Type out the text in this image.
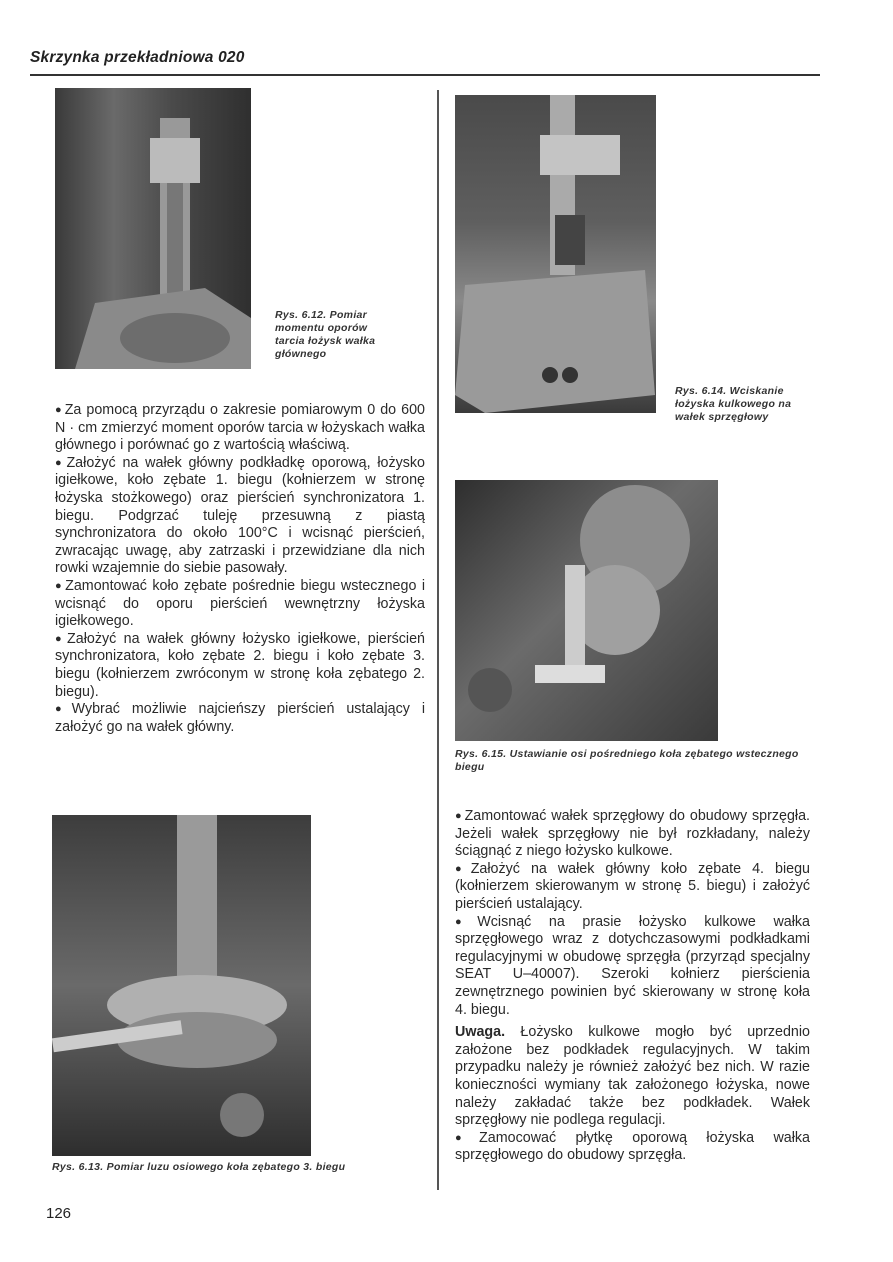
Skrzynka przekładniowa 020
Rys. 6.12. Pomiar momentu oporów tarcia łożysk wałka głównego
Rys. 6.14. Wciskanie łożyska kulkowego na wałek sprzęgłowy
Rys. 6.15. Ustawianie osi pośredniego koła zębatego wstecznego biegu
Rys. 6.13. Pomiar luzu osiowego koła zębatego 3. biegu

● Za pomocą przyrządu o zakresie pomiarowym 0 do 600 N · cm zmierzyć moment oporów tarcia w łożyskach wałka głównego i porównać go z wartością właściwą.

● Założyć na wałek główny podkładkę oporową, łożysko igiełkowe, koło zębate 1. biegu (kołnierzem w stronę łożyska stożkowego) oraz pierścień synchronizatora 1. biegu. Podgrzać tuleję przesuwną z piastą synchronizatora do około 100°C i wcisnąć pierścień, zwracając uwagę, aby zatrzaski i przewidziane dla nich rowki wzajemnie do siebie pasowały.

● Zamontować koło zębate pośrednie biegu wstecznego i wcisnąć do oporu pierścień wewnętrzny łożyska igiełkowego.

● Założyć na wałek główny łożysko igiełkowe, pierścień synchronizatora, koło zębate 2. biegu i koło zębate 3. biegu (kołnierzem zwróconym w stronę koła zębatego 2. biegu).

● Wybrać możliwie najcieńszy pierścień ustalający i założyć go na wałek główny.

● Zamontować wałek sprzęgłowy do obudowy sprzęgła. Jeżeli wałek sprzęgłowy nie był rozkładany, należy ściągnąć z niego łożysko kulkowe.

● Założyć na wałek główny koło zębate 4. biegu (kołnierzem skierowanym w stronę 5. biegu) i założyć pierścień ustalający.

● Wcisnąć na prasie łożysko kulkowe wałka sprzęgłowego wraz z dotychczasowymi podkładkami regulacyjnymi w obudowę sprzęgła (przyrząd specjalny SEAT U–40007). Szeroki kołnierz pierścienia zewnętrznego powinien być skierowany w stronę koła 4. biegu.

Uwaga. Łożysko kulkowe mogło być uprzednio założone bez podkładek regulacyjnych. W takim przypadku należy je również założyć bez nich. W razie konieczności wymiany tak założonego łożyska, nowe należy zakładać także bez podkładek. Wałek sprzęgłowy nie podlega regulacji.

● Zamocować płytkę oporową łożyska wałka sprzęgłowego do obudowy sprzęgła.

126
